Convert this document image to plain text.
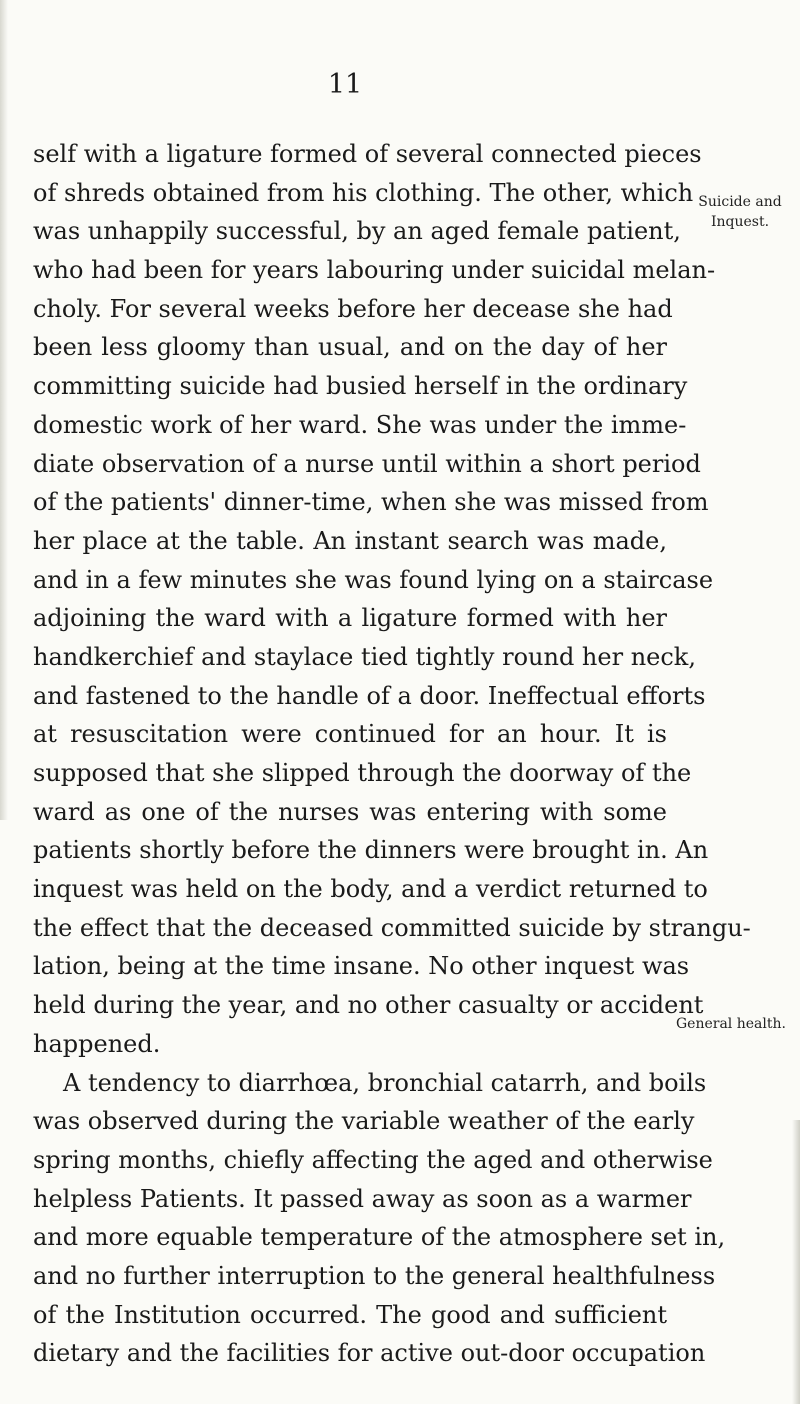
11
self with a ligature formed of several connected pieces
of shreds obtained from his clothing. The other, which
was unhappily successful, by an aged female patient,
who had been for years labouring under suicidal melan-
choly. For several weeks before her decease she had
been less gloomy than usual, and on the day of her
committing suicide had busied herself in the ordinary
domestic work of her ward. She was under the imme-
diate observation of a nurse until within a short period
of the patients' dinner-time, when she was missed from
her place at the table. An instant search was made,
and in a few minutes she was found lying on a staircase
adjoining the ward with a ligature formed with her
handkerchief and staylace tied tightly round her neck,
and fastened to the handle of a door. Ineffectual efforts
at resuscitation were continued for an hour. It is
supposed that she slipped through the doorway of the
ward as one of the nurses was entering with some
patients shortly before the dinners were brought in. An
inquest was held on the body, and a verdict returned to
the effect that the deceased committed suicide by strangu-
lation, being at the time insane. No other inquest was
held during the year, and no other casualty or accident
happened.
A tendency to diarrhœa, bronchial catarrh, and boils
was observed during the variable weather of the early
spring months, chiefly affecting the aged and otherwise
helpless Patients. It passed away as soon as a warmer
and more equable temperature of the atmosphere set in,
and no further interruption to the general healthfulness
of the Institution occurred. The good and sufficient
dietary and the facilities for active out-door occupation
Suicide and Inquest.
General health.
